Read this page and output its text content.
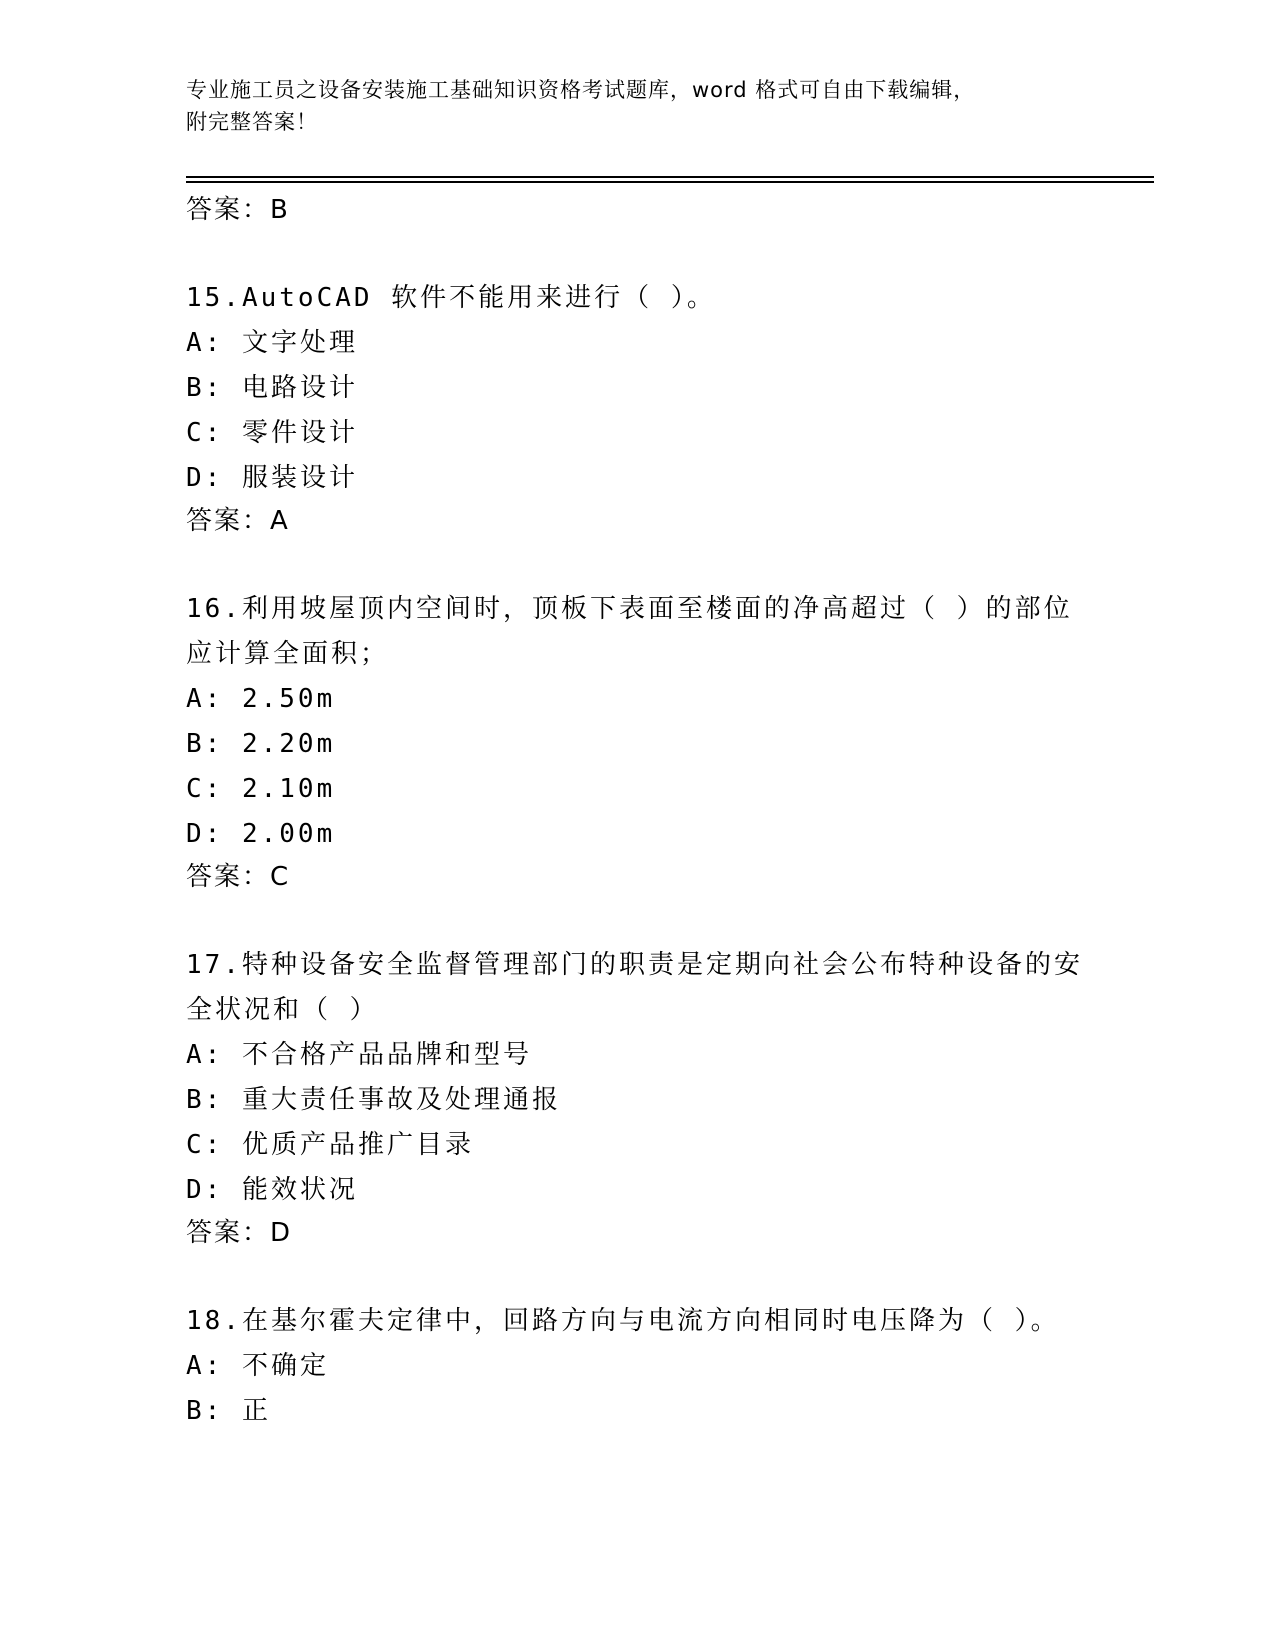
专业施工员之设备安装施工基础知识资格考试题库，word 格式可自由下载编辑，
附完整答案！
答案：B
15.AutoCAD 软件不能用来进行（ ）。
A: 文字处理
B: 电路设计
C: 零件设计
D: 服装设计
答案：A
16.利用坡屋顶内空间时，顶板下表面至楼面的净高超过（ ）的部位
应计算全面积；
A: 2.50m
B: 2.20m
C: 2.10m
D: 2.00m
答案：C
17.特种设备安全监督管理部门的职责是定期向社会公布特种设备的安
全状况和（ ）
A: 不合格产品品牌和型号
B: 重大责任事故及处理通报
C: 优质产品推广目录
D: 能效状况
答案：D
18.在基尔霍夫定律中，回路方向与电流方向相同时电压降为（ ）。
A: 不确定
B: 正
